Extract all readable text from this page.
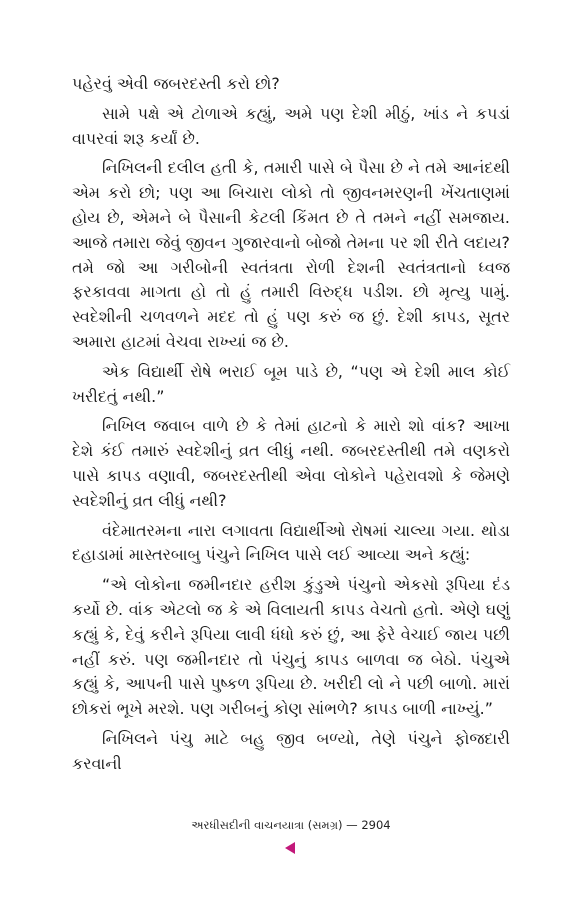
પહેરવું એવી જબરદસ્તી કરો છો?

સામે પક્ષે એ ટોળાએ કહ્યું, અમે પણ દેશી મીઠું, ખાંડ ને કપડાં વાપરવાં શરૂ કર્યાં છે.

નિખિલની દલીલ હતી કે, તમારી પાસે બે પૈસા છે ને તમે આનંદથી એમ કરો છો; પણ આ બિચારા લોકો તો જીવનમરણની ખેંચતાણમાં હોય છે, એમને બે પૈસાની કેટલી કિંમત છે તે તમને નહીં સમજાય. આજે તમારા જેવું જીવન ગુજારવાનો બોજો તેમના પર શી રીતે લદાય? તમે જો આ ગરીબોની સ્વતંત્રતા રોળી દેશની સ્વતંત્રતાનો ધ્વજ ફરકાવવા માગતા હો તો હું તમારી વિરુદ્ધ પડીશ. છો મૃત્યુ પામું. સ્વદેશીની ચળવળને મદદ તો હું પણ કરું જ છું. દેશી કાપડ, સૂતર અમારા હાટમાં વેચવા રાખ્યાં જ છે.

એક વિદ્યાર્થી રોષે ભરાઈ બૂમ પાડે છે, “પણ એ દેશી માલ કોઈ ખરીદતું નથી.”

નિખિલ જવાબ વાળે છે કે તેમાં હાટનો કે મારો શો વાંક? આખા દેશે કંઈ તમારું સ્વદેશીનું વ્રત લીધું નથી. જબરદસ્તીથી તમે વણકરો પાસે કાપડ વણાવી, જબરદસ્તીથી એવા લોકોને પહેરાવશો કે જેમણે સ્વદેશીનું વ્રત લીધું નથી?

વંદેમાતરમના નારા લગાવતા વિદ્યાર્થીઓ રોષમાં ચાલ્યા ગયા. થોડા દહાડામાં માસ્તરબાબુ પંચુને નિખિલ પાસે લઈ આવ્યા અને કહ્યું:

“એ લોકોના જમીનદાર હરીશ કુંડુએ પંચુનો એકસો રૂપિયા દંડ કર્યો છે. વાંક એટલો જ કે એ વિલાયતી કાપડ વેચતો હતો. એણે ઘણું કહ્યું કે, દેવું કરીને રૂપિયા લાવી ધંધો કરું છું, આ ફેરે વેચાઈ જાય પછી નહીં કરું. પણ જમીનદાર તો પંચુનું કાપડ બાળવા જ બેઠો. પંચુએ કહ્યું કે, આપની પાસે પુષ્કળ રૂપિયા છે. ખરીદી લો ને પછી બાળો. મારાં છોકરાં ભૂખે મરશે. પણ ગરીબનું કોણ સાંભળે? કાપડ બાળી નાખ્યું.”

નિખિલને પંચુ માટે બહુ જીવ બળ્યો, તેણે પંચુને ફોજદારી કરવાની

અરધીસદીની વાચનયાત્રા (સમગ્ર) — 2904
